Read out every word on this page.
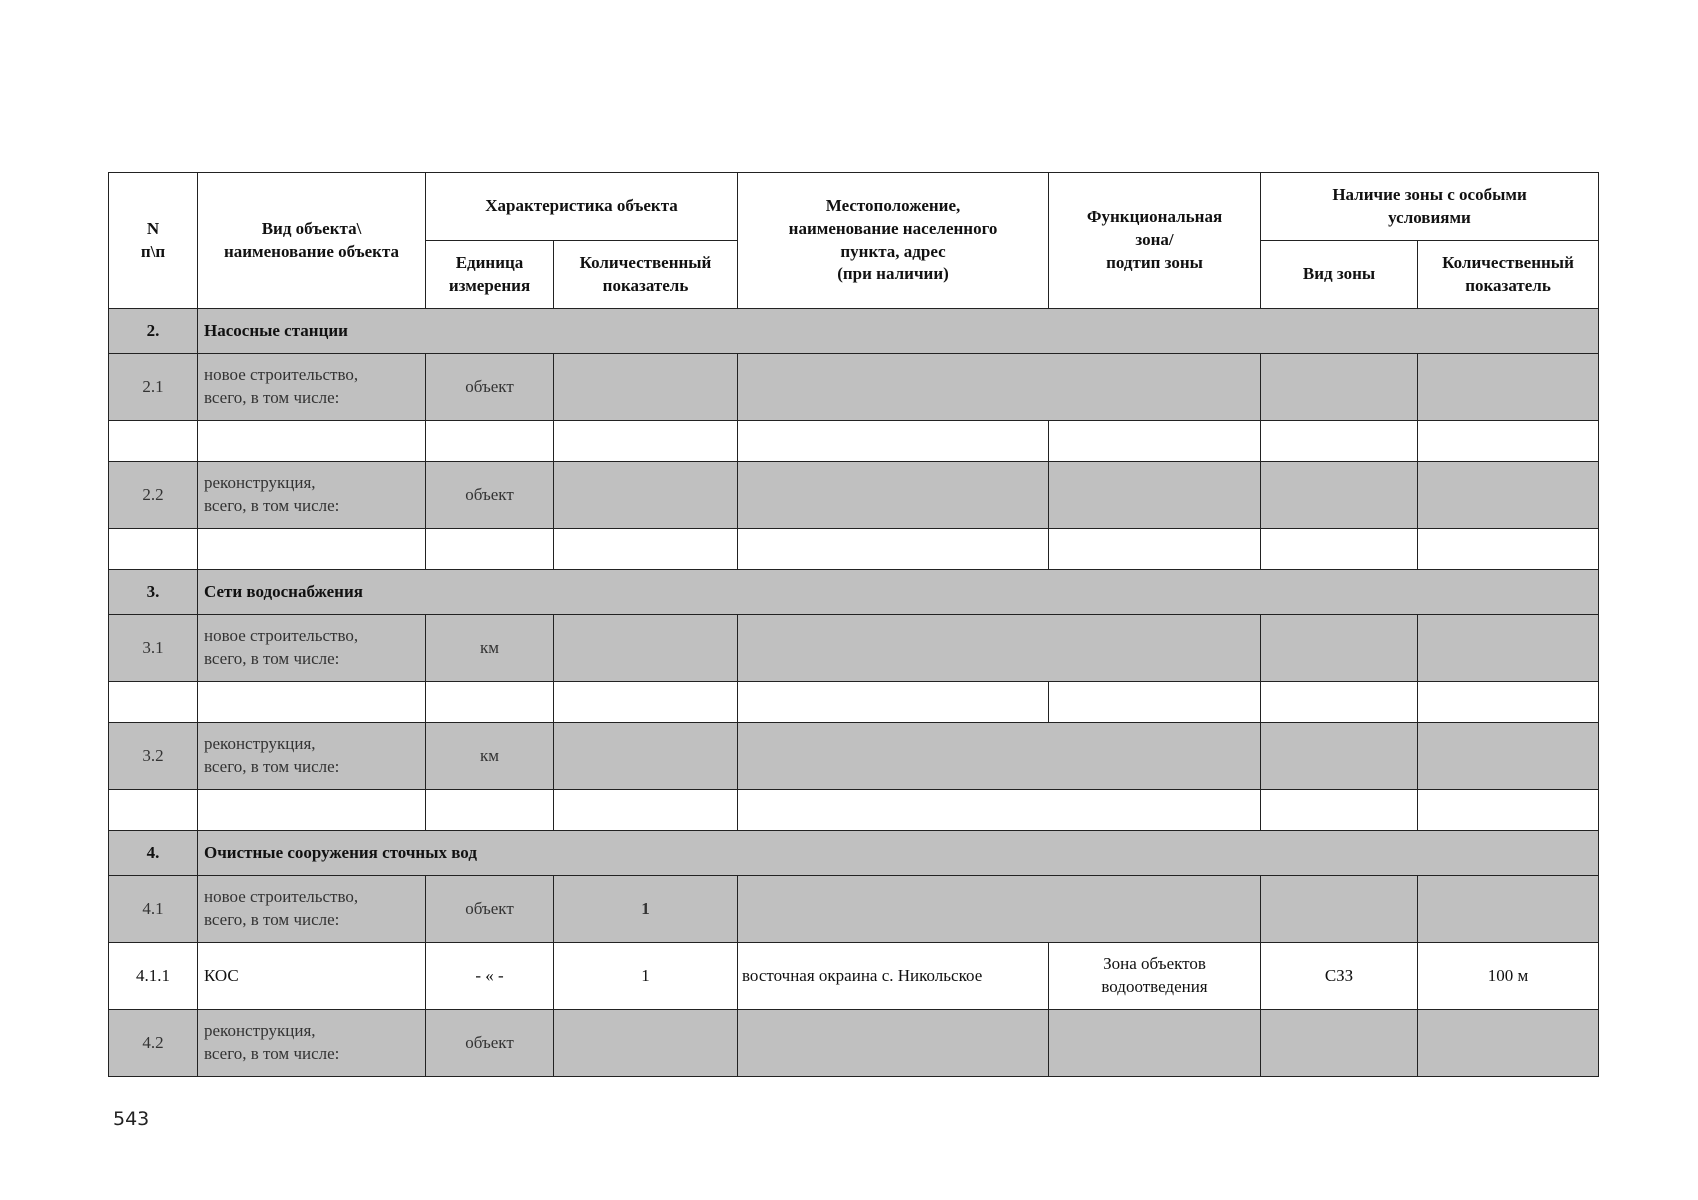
N
п\п	Вид объекта\
наименование объекта	Характеристика объекта		Местоположение,
наименование населенного
пункта, адрес
(при наличии)	Функциональная
зона/
подтип зоны	Наличие зоны с особыми
условиями	
		Единица
измерения	Количественный
показатель			Вид зоны	Количественный
показатель
2.	Насосные станции						
2.1	новое строительство,
всего, в том числе:	объект					

2.2	реконструкция,
всего, в том числе:	объект					

3.	Сети водоснабжения						
3.1	новое строительство,
всего, в том числе:	км					

3.2	реконструкция,
всего, в том числе:	км					

4.	Очистные сооружения сточных вод						
4.1	новое строительство,
всего, в том числе:	объект	1				
4.1.1	КОС	- « -	1	восточная окраина с. Никольское	Зона объектов
водоотведения	СЗЗ	100 м
4.2	реконструкция,
всего, в том числе:	объект					
543
